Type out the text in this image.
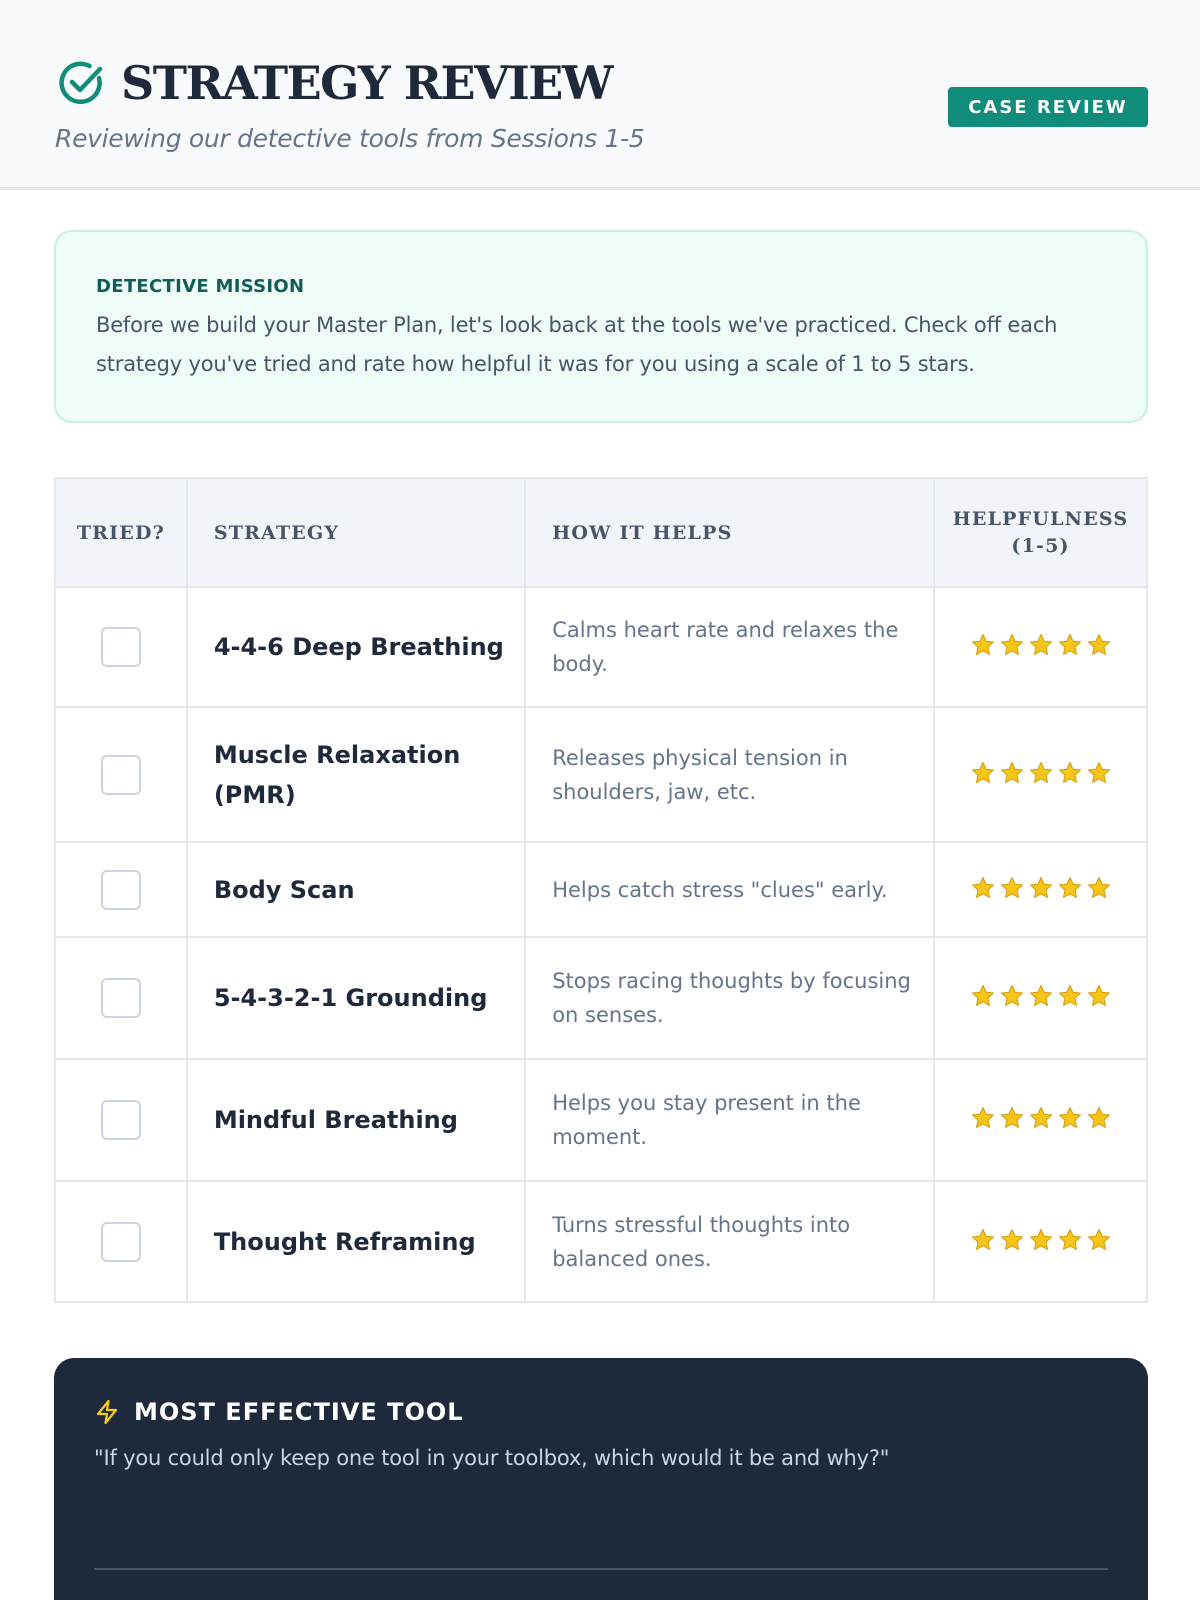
STRATEGY REVIEW
Reviewing our detective tools from Sessions 1-5
CASE REVIEW
DETECTIVE MISSION
Before we build your Master Plan, let's look back at the tools we've practiced. Check off each strategy you've tried and rate how helpful it was for you using a scale of 1 to 5 stars.
TRIED?	STRATEGY	HOW IT HELPS	HELPFULNESS (1-5)
	4-4-6 Deep Breathing	Calms heart rate and relaxes the body.	

	Muscle Relaxation (PMR)	Releases physical tension in shoulders, jaw, etc.	

	Body Scan	Helps catch stress "clues" early.	

	5-4-3-2-1 Grounding	Stops racing thoughts by focusing on senses.	

	Mindful Breathing	Helps you stay present in the moment.	

	Thought Reframing	Turns stressful thoughts into balanced ones.	
MOST EFFECTIVE TOOL
"If you could only keep one tool in your toolbox, which would it be and why?"
